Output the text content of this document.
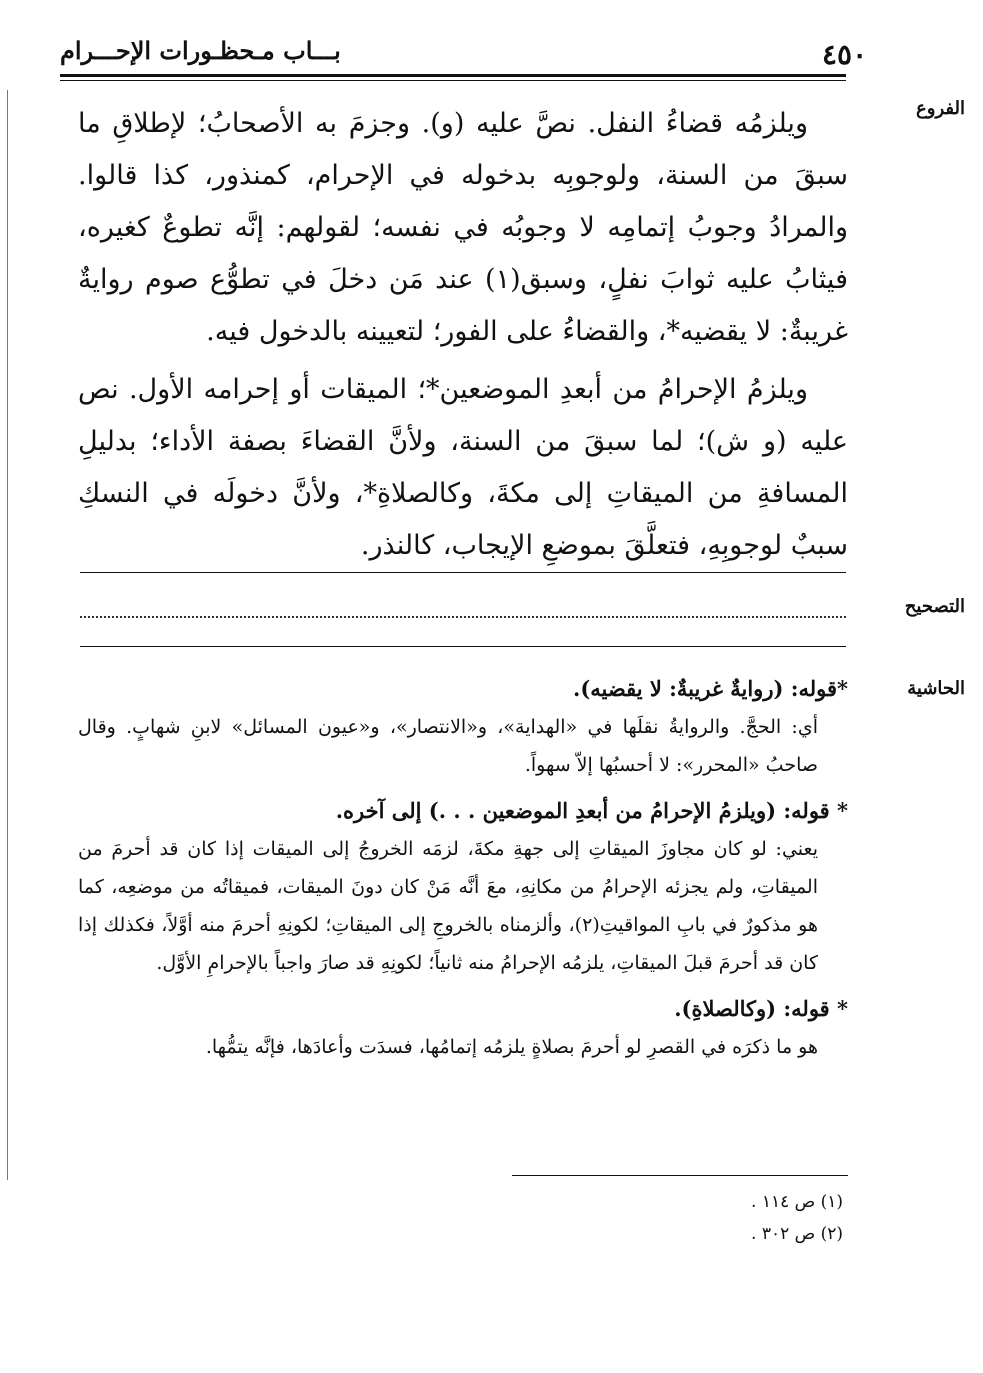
٤٥٠
بـــاب مـحظـورات الإحـــرام
الفروع
التصحيح
الحاشية

ويلزمُه قضاءُ النفل. نصَّ عليه (و). وجزمَ به الأصحابُ؛ لإطلاقِ ما سبقَ من السنة، ولوجوبِه بدخوله في الإحرام، كمنذور، كذا قالوا. والمرادُ وجوبُ إتمامِه لا وجوبُه في نفسه؛ لقولهم: إنَّه تطوعٌ كغيره، فيثابُ عليه ثوابَ نفلٍ، وسبق(١) عند مَن دخلَ في تطوُّع صوم روايةٌ غريبةٌ: لا يقضيه*، والقضاءُ على الفور؛ لتعيينه بالدخول فيه.

ويلزمُ الإحرامُ من أبعدِ الموضعين*؛ الميقات أو إحرامه الأول. نص عليه (و ش)؛ لما سبقَ من السنة، ولأنَّ القضاءَ بصفة الأداء؛ بدليلِ المسافةِ من الميقاتِ إلى مكةَ، وكالصلاةِ*، ولأنَّ دخولَه في النسكِ سببٌ لوجوبِهِ، فتعلَّقَ بموضعِ الإيجاب، كالنذر.

*قوله: (روايةٌ غريبةٌ: لا يقضيه).

أي: الحجَّ. والروايةُ نقلَها في «الهداية»، و«الانتصار»، و«عيون المسائل» لابنِ شهابٍ. وقال صاحبُ «المحرر»: لا أحسبُها إلاّ سهواً.

* قوله: (ويلزمُ الإحرامُ من أبعدِ الموضعين . . .) إلى آخره.

يعني: لو كان مجاوزَ الميقاتِ إلى جهةِ مكةَ، لزمَه الخروجُ إلى الميقات إذا كان قد أحرمَ من الميقاتِ، ولم يجزئه الإحرامُ من مكانِهِ، معَ أنَّه مَنْ كان دونَ الميقات، فميقاتُه من موضعِه، كما هو مذكورٌ في بابِ المواقيتِ(٢)، وألزمناه بالخروجِ إلى الميقاتِ؛ لكونِهِ أحرمَ منه أوَّلاً، فكذلك إذا كان قد أحرمَ قبلَ الميقاتِ، يلزمُه الإحرامُ منه ثانياً؛ لكونِهِ قد صارَ واجباً بالإحرامِ الأوَّل.

* قوله: (وكالصلاةِ).

هو ما ذكرَه في القصرِ لو أحرمَ بصلاةٍ يلزمُه إتمامُها، فسدَت وأعادَها، فإنَّه يتمُّها.

(١) ص ١١٤ .
(٢) ص ٣٠٢ .
